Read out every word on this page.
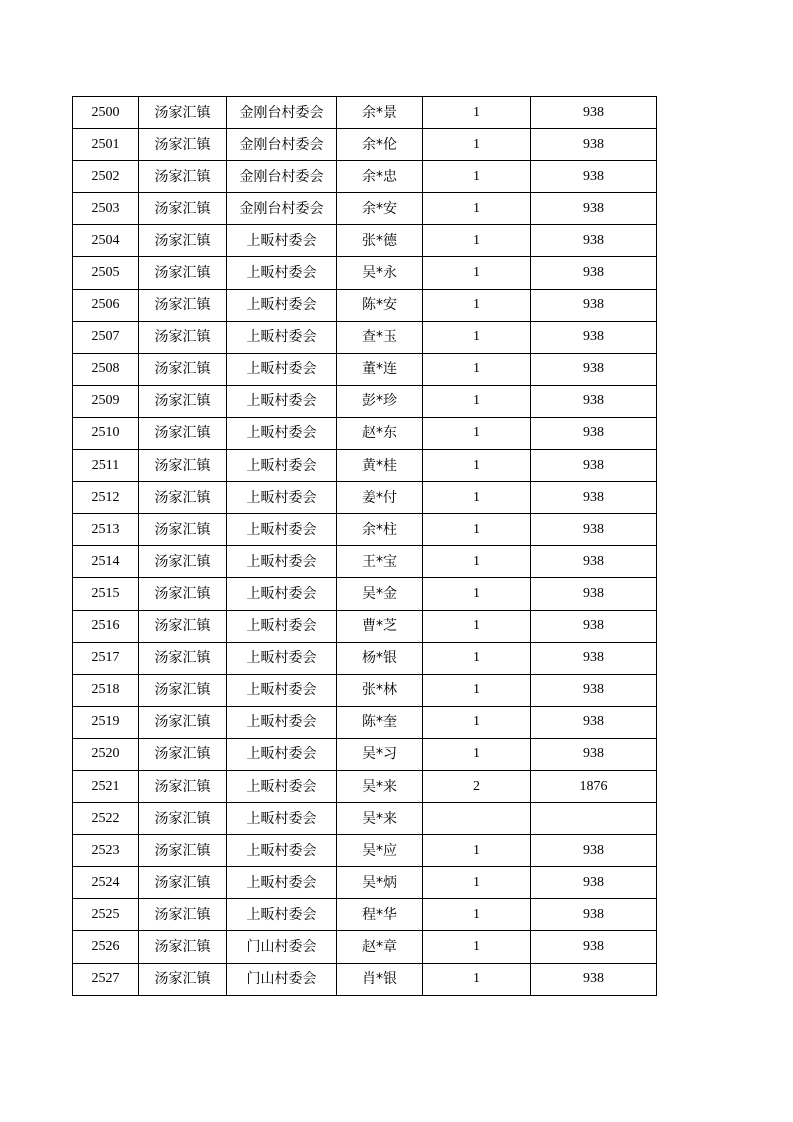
2500	汤家汇镇	金刚台村委会	余*景	1	938
2501	汤家汇镇	金刚台村委会	余*伦	1	938
2502	汤家汇镇	金刚台村委会	余*忠	1	938
2503	汤家汇镇	金刚台村委会	余*安	1	938
2504	汤家汇镇	上畈村委会	张*德	1	938
2505	汤家汇镇	上畈村委会	吴*永	1	938
2506	汤家汇镇	上畈村委会	陈*安	1	938
2507	汤家汇镇	上畈村委会	查*玉	1	938
2508	汤家汇镇	上畈村委会	董*连	1	938
2509	汤家汇镇	上畈村委会	彭*珍	1	938
2510	汤家汇镇	上畈村委会	赵*东	1	938
2511	汤家汇镇	上畈村委会	黄*桂	1	938
2512	汤家汇镇	上畈村委会	姜*付	1	938
2513	汤家汇镇	上畈村委会	余*柱	1	938
2514	汤家汇镇	上畈村委会	王*宝	1	938
2515	汤家汇镇	上畈村委会	吴*金	1	938
2516	汤家汇镇	上畈村委会	曹*芝	1	938
2517	汤家汇镇	上畈村委会	杨*银	1	938
2518	汤家汇镇	上畈村委会	张*林	1	938
2519	汤家汇镇	上畈村委会	陈*奎	1	938
2520	汤家汇镇	上畈村委会	吴*习	1	938
2521	汤家汇镇	上畈村委会	吴*来	2	1876
2522	汤家汇镇	上畈村委会	吴*来		
2523	汤家汇镇	上畈村委会	吴*应	1	938
2524	汤家汇镇	上畈村委会	吴*炳	1	938
2525	汤家汇镇	上畈村委会	程*华	1	938
2526	汤家汇镇	门山村委会	赵*章	1	938
2527	汤家汇镇	门山村委会	肖*银	1	938
